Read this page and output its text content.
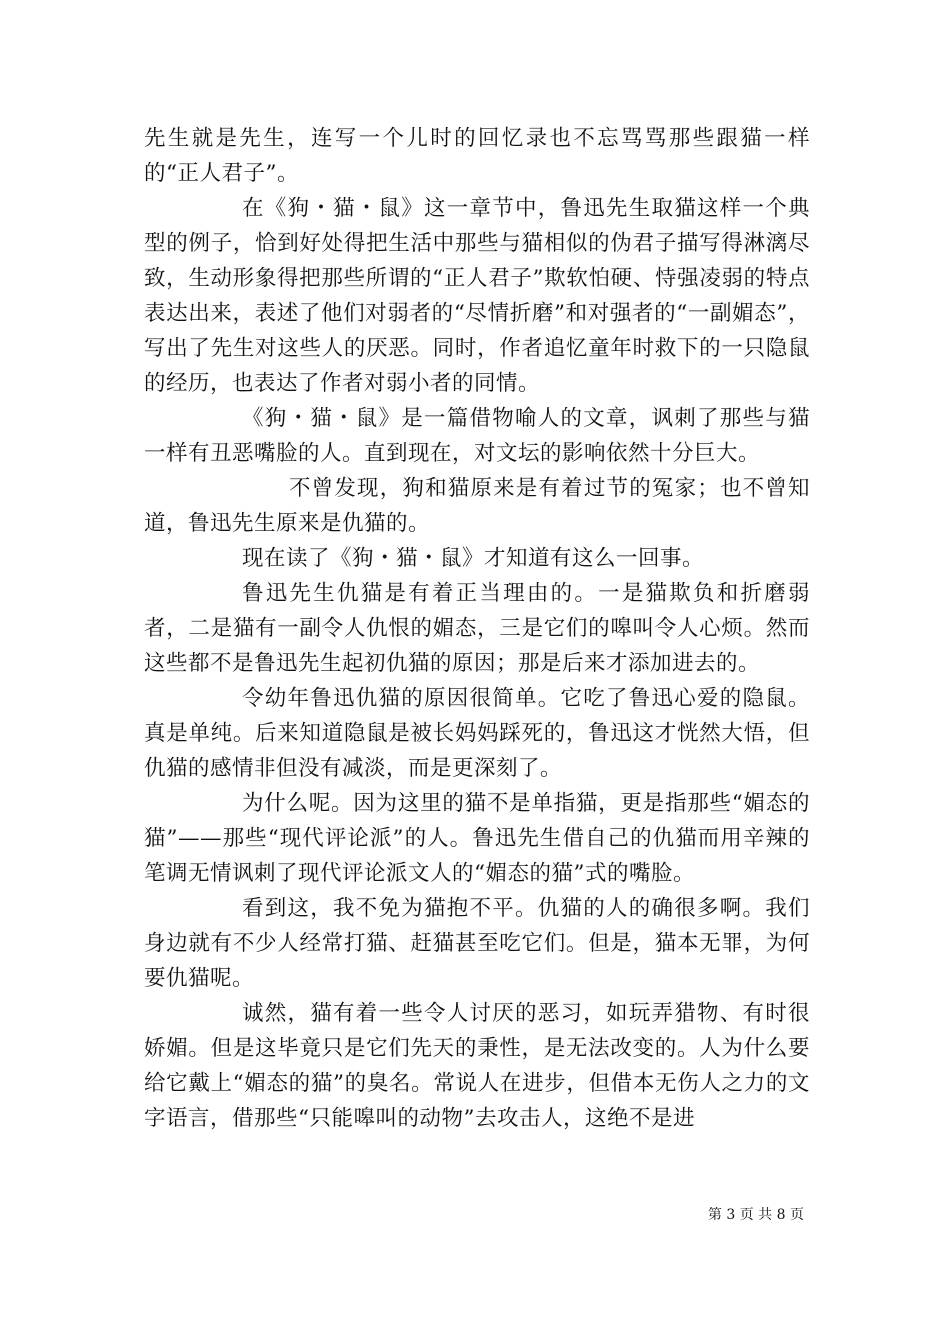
先生就是先生，连写一个儿时的回忆录也不忘骂骂那些跟猫一样的“正人君子”。

在《狗・猫・鼠》这一章节中，鲁迅先生取猫这样一个典型的例子，恰到好处得把生活中那些与猫相似的伪君子描写得淋漓尽致，生动形象得把那些所谓的“正人君子”欺软怕硬、恃强凌弱的特点表达出来，表述了他们对弱者的“尽情折磨”和对强者的“一副媚态”，写出了先生对这些人的厌恶。同时，作者追忆童年时救下的一只隐鼠的经历，也表达了作者对弱小者的同情。

《狗・猫・鼠》是一篇借物喻人的文章，讽刺了那些与猫一样有丑恶嘴脸的人。直到现在，对文坛的影响依然十分巨大。

不曾发现，狗和猫原来是有着过节的冤家；也不曾知道，鲁迅先生原来是仇猫的。

现在读了《狗・猫・鼠》才知道有这么一回事。

鲁迅先生仇猫是有着正当理由的。一是猫欺负和折磨弱者，二是猫有一副令人仇恨的媚态，三是它们的嗥叫令人心烦。然而这些都不是鲁迅先生起初仇猫的原因；那是后来才添加进去的。

令幼年鲁迅仇猫的原因很简单。它吃了鲁迅心爱的隐鼠。真是单纯。后来知道隐鼠是被长妈妈踩死的，鲁迅这才恍然大悟，但仇猫的感情非但没有减淡，而是更深刻了。

为什么呢。因为这里的猫不是单指猫，更是指那些“媚态的猫”——那些“现代评论派”的人。鲁迅先生借自己的仇猫而用辛辣的笔调无情讽刺了现代评论派文人的“媚态的猫”式的嘴脸。

看到这，我不免为猫抱不平。仇猫的人的确很多啊。我们身边就有不少人经常打猫、赶猫甚至吃它们。但是，猫本无罪，为何要仇猫呢。

诚然，猫有着一些令人讨厌的恶习，如玩弄猎物、有时很娇媚。但是这毕竟只是它们先天的秉性，是无法改变的。人为什么要给它戴上“媚态的猫”的臭名。常说人在进步，但借本无伤人之力的文字语言，借那些“只能嗥叫的动物”去攻击人，这绝不是进

第 3 页 共 8 页
